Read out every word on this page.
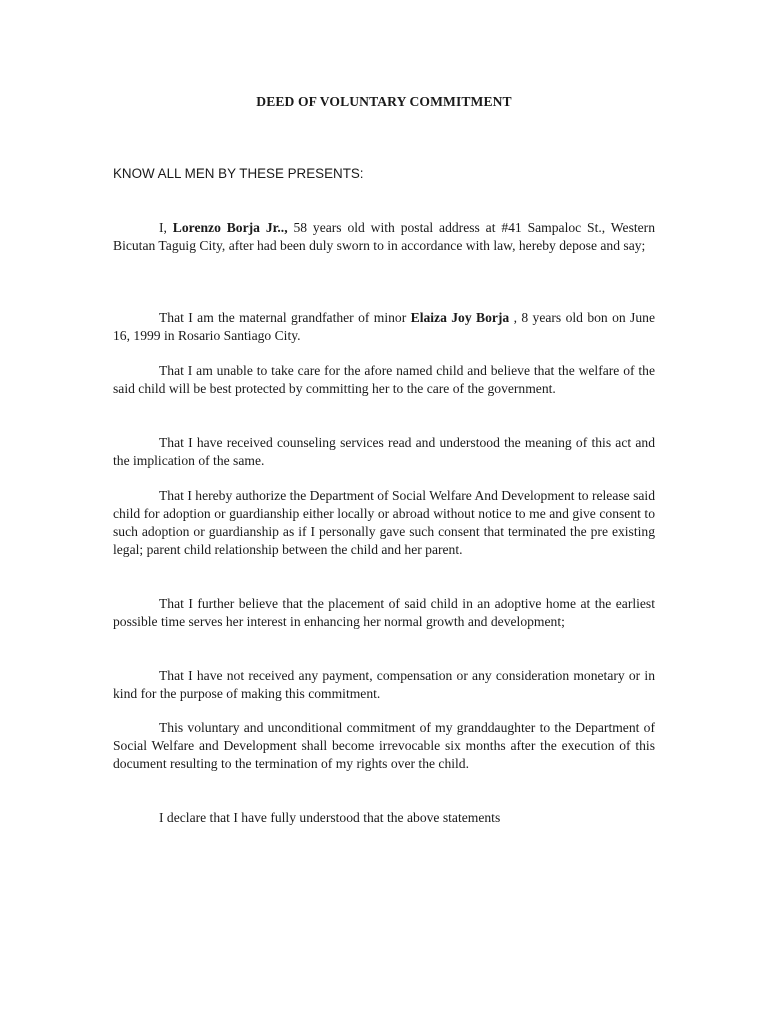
DEED OF VOLUNTARY COMMITMENT
KNOW ALL MEN BY THESE PRESENTS:

I, Lorenzo Borja Jr.., 58 years old with postal address at #41 Sampaloc St., Western Bicutan Taguig City, after had been duly sworn to in accordance with law, hereby depose and say;

That I am the maternal grandfather of minor Elaiza Joy Borja , 8 years old bon on June 16, 1999 in Rosario Santiago City.

That I am unable to take care for the afore named child and believe that the welfare of the said child will be best protected by committing her to the care of the government.

That I have received counseling services read and understood the meaning of this act and the implication of the same.

That I hereby authorize the Department of Social Welfare And Development to release said child for adoption or guardianship either locally or abroad without notice to me and give consent to such adoption or guardianship as if I personally gave such consent that terminated the pre existing legal; parent child relationship between the child and her parent.

That I further believe that the placement of said child in an adoptive home at the earliest possible time serves her interest in enhancing her normal growth and development;

That I have not received any payment, compensation or any consideration monetary or in kind for the purpose of making this commitment.

This voluntary and unconditional commitment of my granddaughter to the Department of Social Welfare and Development shall become irrevocable six months after the execution of this document resulting to the termination of my rights over the child.

I declare that I have fully understood that the above statements
